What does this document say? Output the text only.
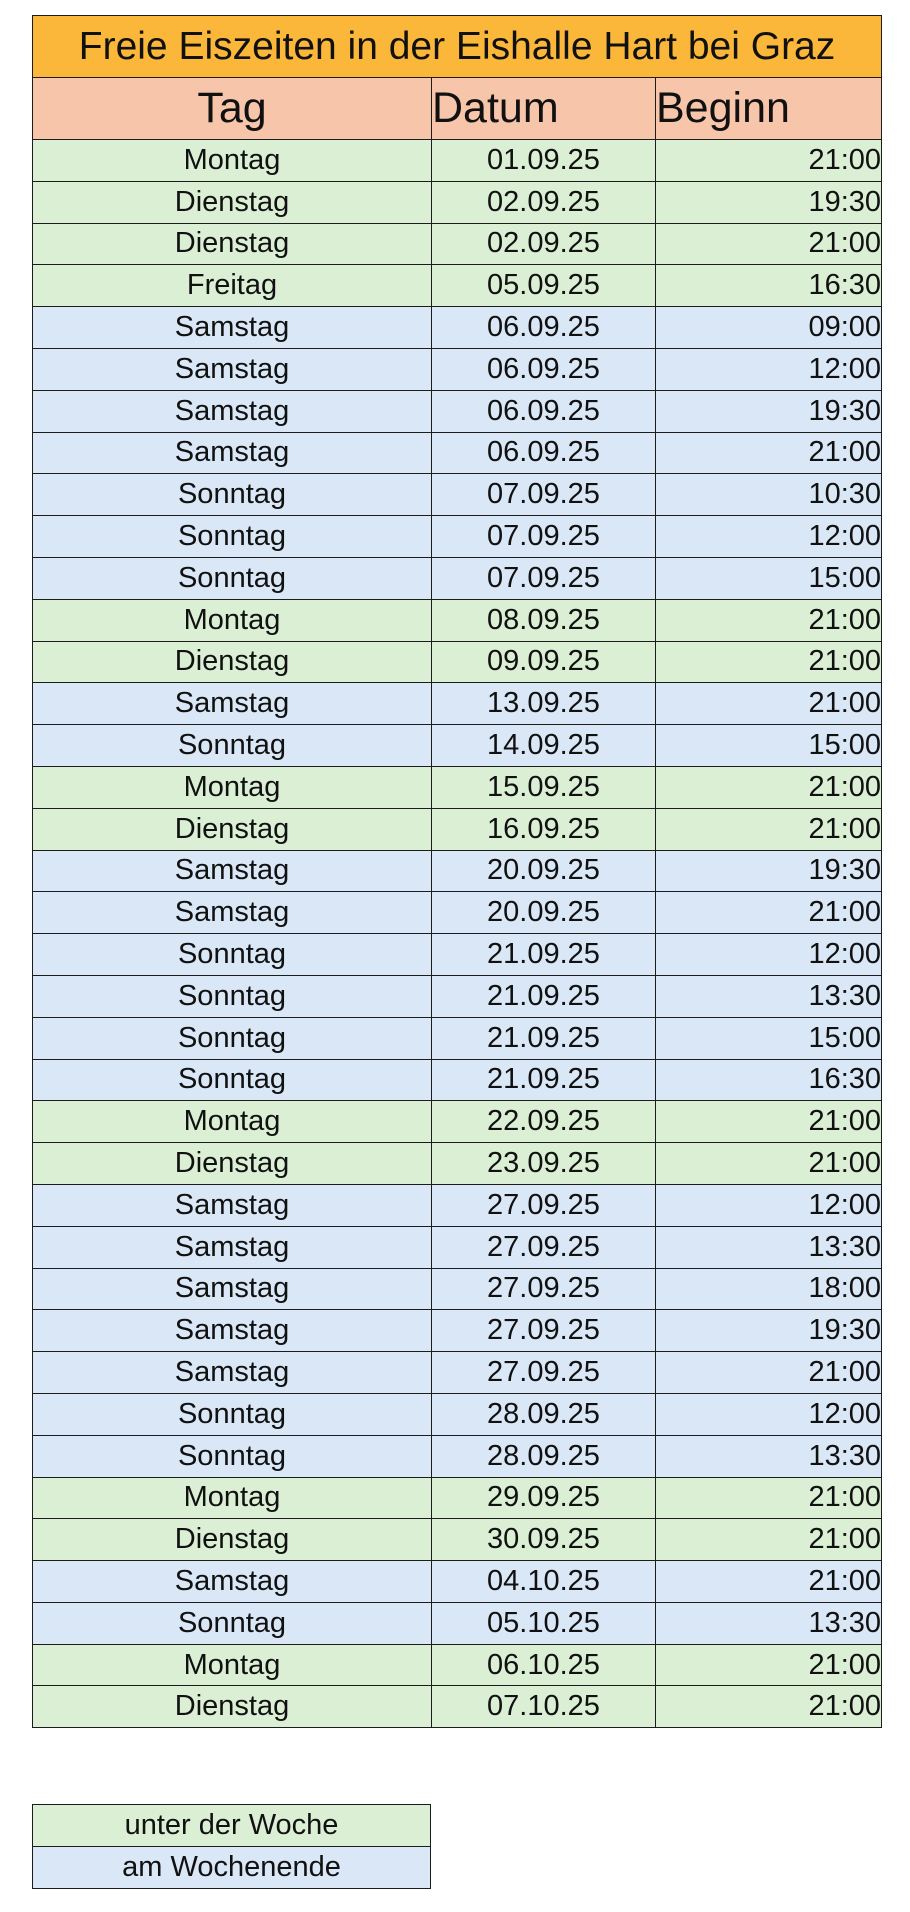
Freie Eiszeiten in der Eishalle Hart bei Graz		
Tag	Datum	Beginn
Montag	01.09.25	21:00
Dienstag	02.09.25	19:30
Dienstag	02.09.25	21:00
Freitag	05.09.25	16:30
Samstag	06.09.25	09:00
Samstag	06.09.25	12:00
Samstag	06.09.25	19:30
Samstag	06.09.25	21:00
Sonntag	07.09.25	10:30
Sonntag	07.09.25	12:00
Sonntag	07.09.25	15:00
Montag	08.09.25	21:00
Dienstag	09.09.25	21:00
Samstag	13.09.25	21:00
Sonntag	14.09.25	15:00
Montag	15.09.25	21:00
Dienstag	16.09.25	21:00
Samstag	20.09.25	19:30
Samstag	20.09.25	21:00
Sonntag	21.09.25	12:00
Sonntag	21.09.25	13:30
Sonntag	21.09.25	15:00
Sonntag	21.09.25	16:30
Montag	22.09.25	21:00
Dienstag	23.09.25	21:00
Samstag	27.09.25	12:00
Samstag	27.09.25	13:30
Samstag	27.09.25	18:00
Samstag	27.09.25	19:30
Samstag	27.09.25	21:00
Sonntag	28.09.25	12:00
Sonntag	28.09.25	13:30
Montag	29.09.25	21:00
Dienstag	30.09.25	21:00
Samstag	04.10.25	21:00
Sonntag	05.10.25	13:30
Montag	06.10.25	21:00
Dienstag	07.10.25	21:00
unter der Woche
am Wochenende
